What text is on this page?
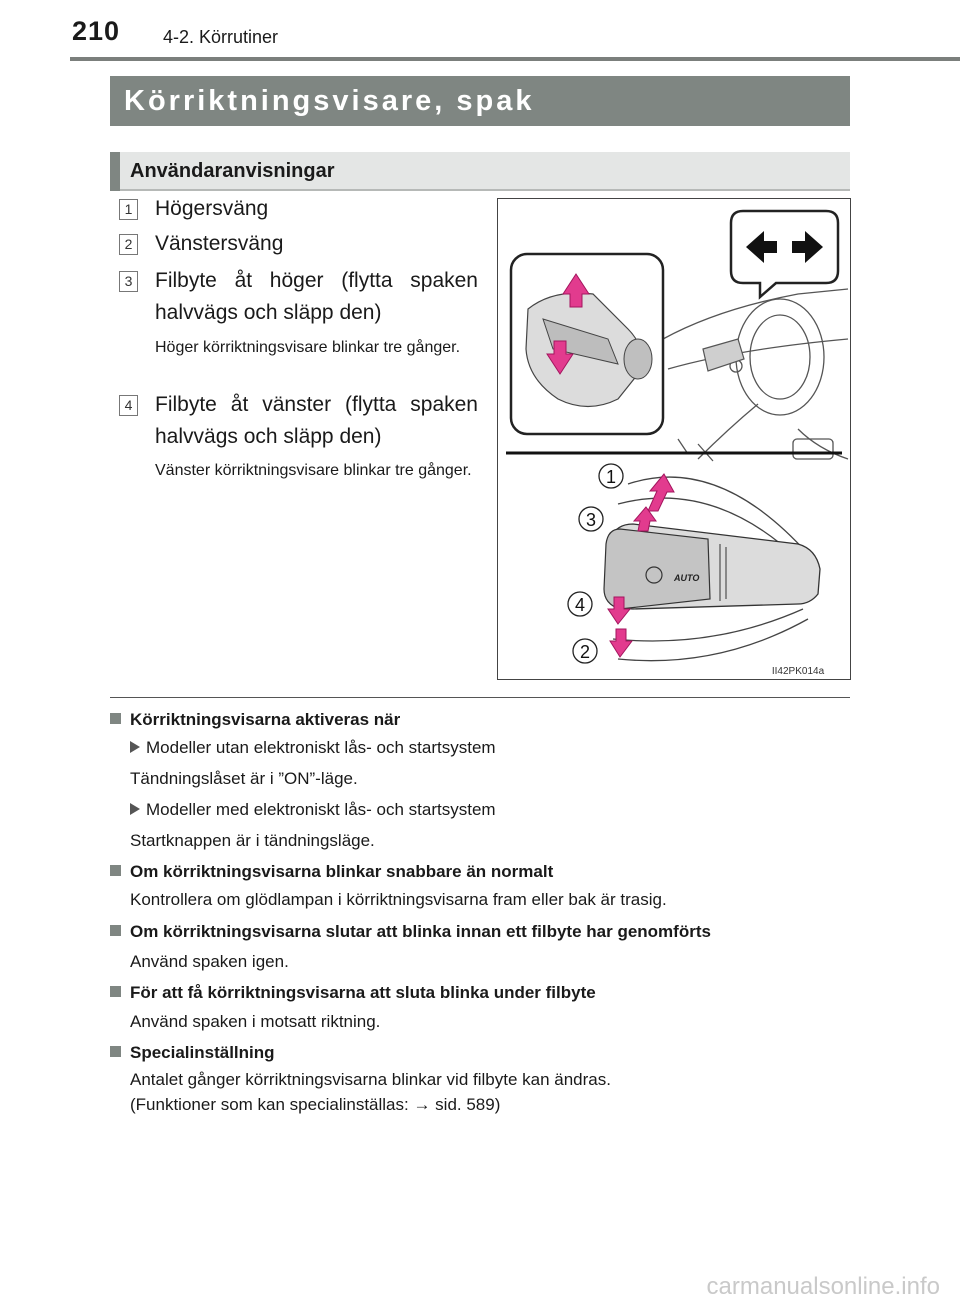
210 4-2. Körrutiner
Körriktningsvisare, spak
Användaranvisningar
1 Högersväng
2 Vänstersväng
3 Filbyte åt höger (flytta spaken halvvägs och släpp den)
Höger körriktningsvisare blinkar tre gånger.
4 Filbyte åt vänster (flytta spaken halvvägs och släpp den)
Vänster körriktningsvisare blinkar tre gånger.
AUTO
1
3
4
2
II42PK014a
Körriktningsvisarna aktiveras när
Modeller utan elektroniskt lås- och startsystem
Tändningslåset är i ”ON”-läge.
Modeller med elektroniskt lås- och startsystem
Startknappen är i tändningsläge.
Om körriktningsvisarna blinkar snabbare än normalt
Kontrollera om glödlampan i körriktningsvisarna fram eller bak är trasig.
Om körriktningsvisarna slutar att blinka innan ett filbyte har genomförts
Använd spaken igen.
För att få körriktningsvisarna att sluta blinka under filbyte
Använd spaken i motsatt riktning.
Specialinställning
Antalet gånger körriktningsvisarna blinkar vid filbyte kan ändras.
(Funktioner som kan specialinställas: → sid. 589)
carmanualsonline.info
